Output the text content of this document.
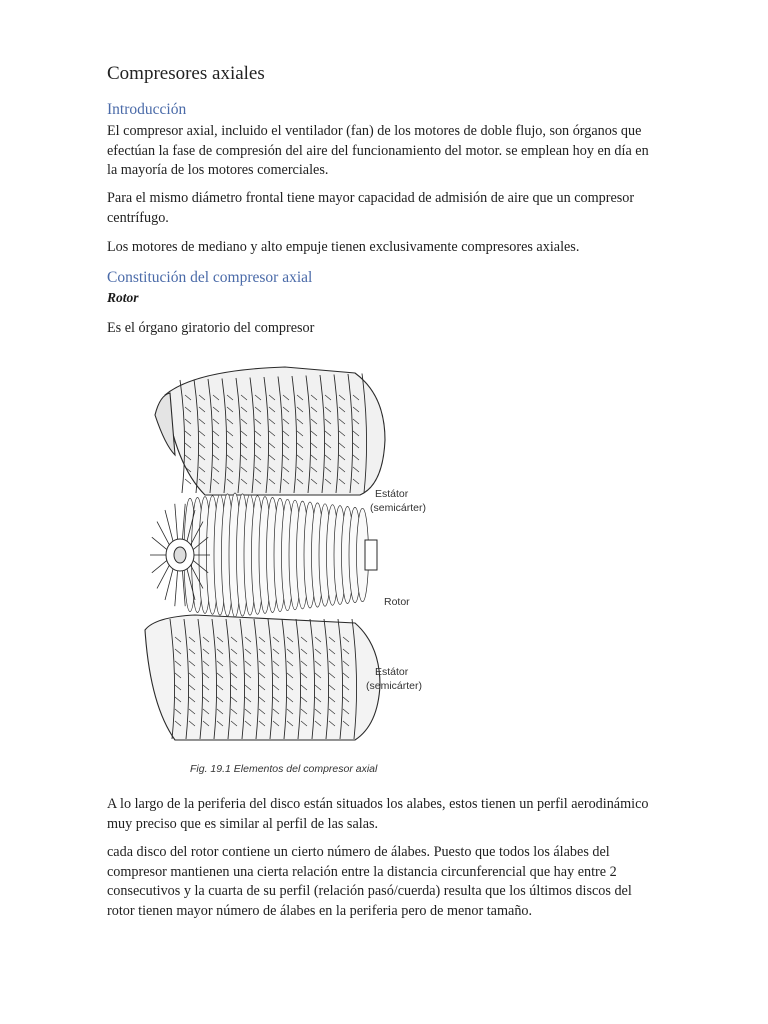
Compresores axiales
Introducción
El compresor axial, incluido el ventilador (fan) de los motores de doble flujo, son órganos que efectúan la fase de compresión del aire del funcionamiento del motor. se emplean hoy en día en la mayoría de los motores comerciales.
Para el mismo diámetro frontal tiene mayor capacidad de admisión de aire que un compresor centrífugo.
Los motores de mediano y alto empuje tienen exclusivamente compresores axiales.
Constitución del compresor axial
Rotor
Es el órgano giratorio del compresor
Estátor
(semicárter)
Rotor
Estátor
(semicárter)
Fig. 19.1 Elementos del compresor axial
A lo largo de la periferia del disco están situados los alabes, estos tienen un perfil aerodinámico muy preciso que es similar al perfil de las salas.
cada disco del rotor contiene un cierto número de álabes. Puesto que todos los álabes del compresor mantienen una cierta relación entre la distancia circunferencial que hay entre 2 consecutivos y la cuarta de su perfil (relación pasó/cuerda) resulta que los últimos discos del rotor tienen mayor número de álabes en la periferia pero de menor tamaño.
